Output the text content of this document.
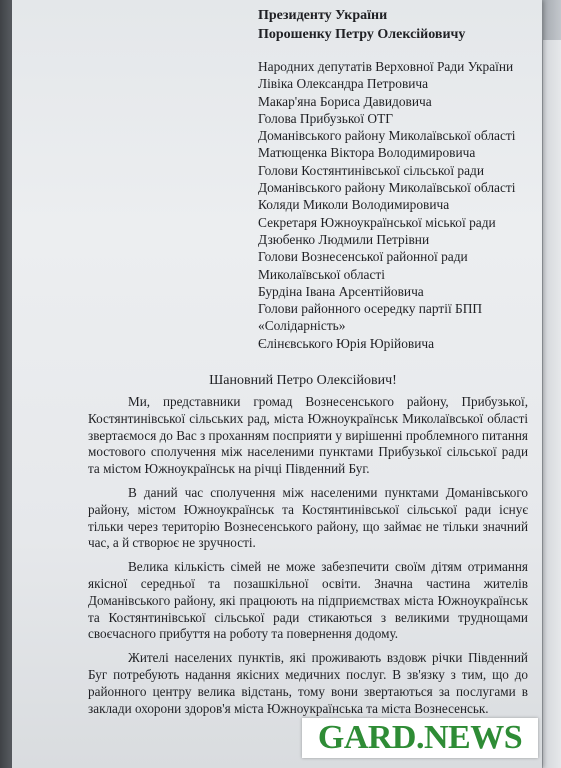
Президенту України
Порошенку Петру Олексійовичу
Народних депутатів Верховної Ради України
Лівіка Олександра Петровича
Макар'яна Бориса Давидовича
Голова Прибузької ОТГ
Доманівського району Миколаївської області
Матющенка Віктора Володимировича
Голови Костянтинівської сільської ради
Доманівського району Миколаївської області
Коляди Миколи Володимировича
Секретаря Южноукраїнської міської ради
Дзюбенко Людмили Петрівни
Голови Вознесенської районної ради
Миколаївської області
Бурдіна Івана Арсентійовича
Голови районного осередку партії БПП
«Солідарність»
Єлінєвського Юрія Юрійовича
Шановний Петро Олексійович!

Ми, представники громад Вознесенського району, Прибузької, Костянтинівської сільських рад, міста Южноукраїнськ Миколаївської області звертаємося до Вас з проханням посприяти у вирішенні проблемного питання мостового сполучення між населеними пунктами Прибузької сільської ради та містом Южноукраїнськ на річці Південний Буг.

В даний час сполучення між населеними пунктами Доманівського району, містом Южноукраїнськ та Костянтинівської сільської ради існує тільки через територію Вознесенського району, що займає не тільки значний час, а й створює не зручності.

Велика кількість сімей не може забезпечити своїм дітям отримання якісної середньої та позашкільної освіти. Значна частина жителів Доманівського району, які працюють на підприємствах міста Южноукраїнськ та Костянтинівської сільської ради стикаються з великими труднощами своєчасного прибуття на роботу та повернення додому.

Жителі населених пунктів, які проживають вздовж річки Південний Буг потребують надання якісних медичних послуг. В зв'язку з тим, що до районного центру велика відстань, тому вони звертаються за послугами в заклади охорони здоров'я міста Южноукраїнська та міста Вознесенськ.

GARD.NEWS
